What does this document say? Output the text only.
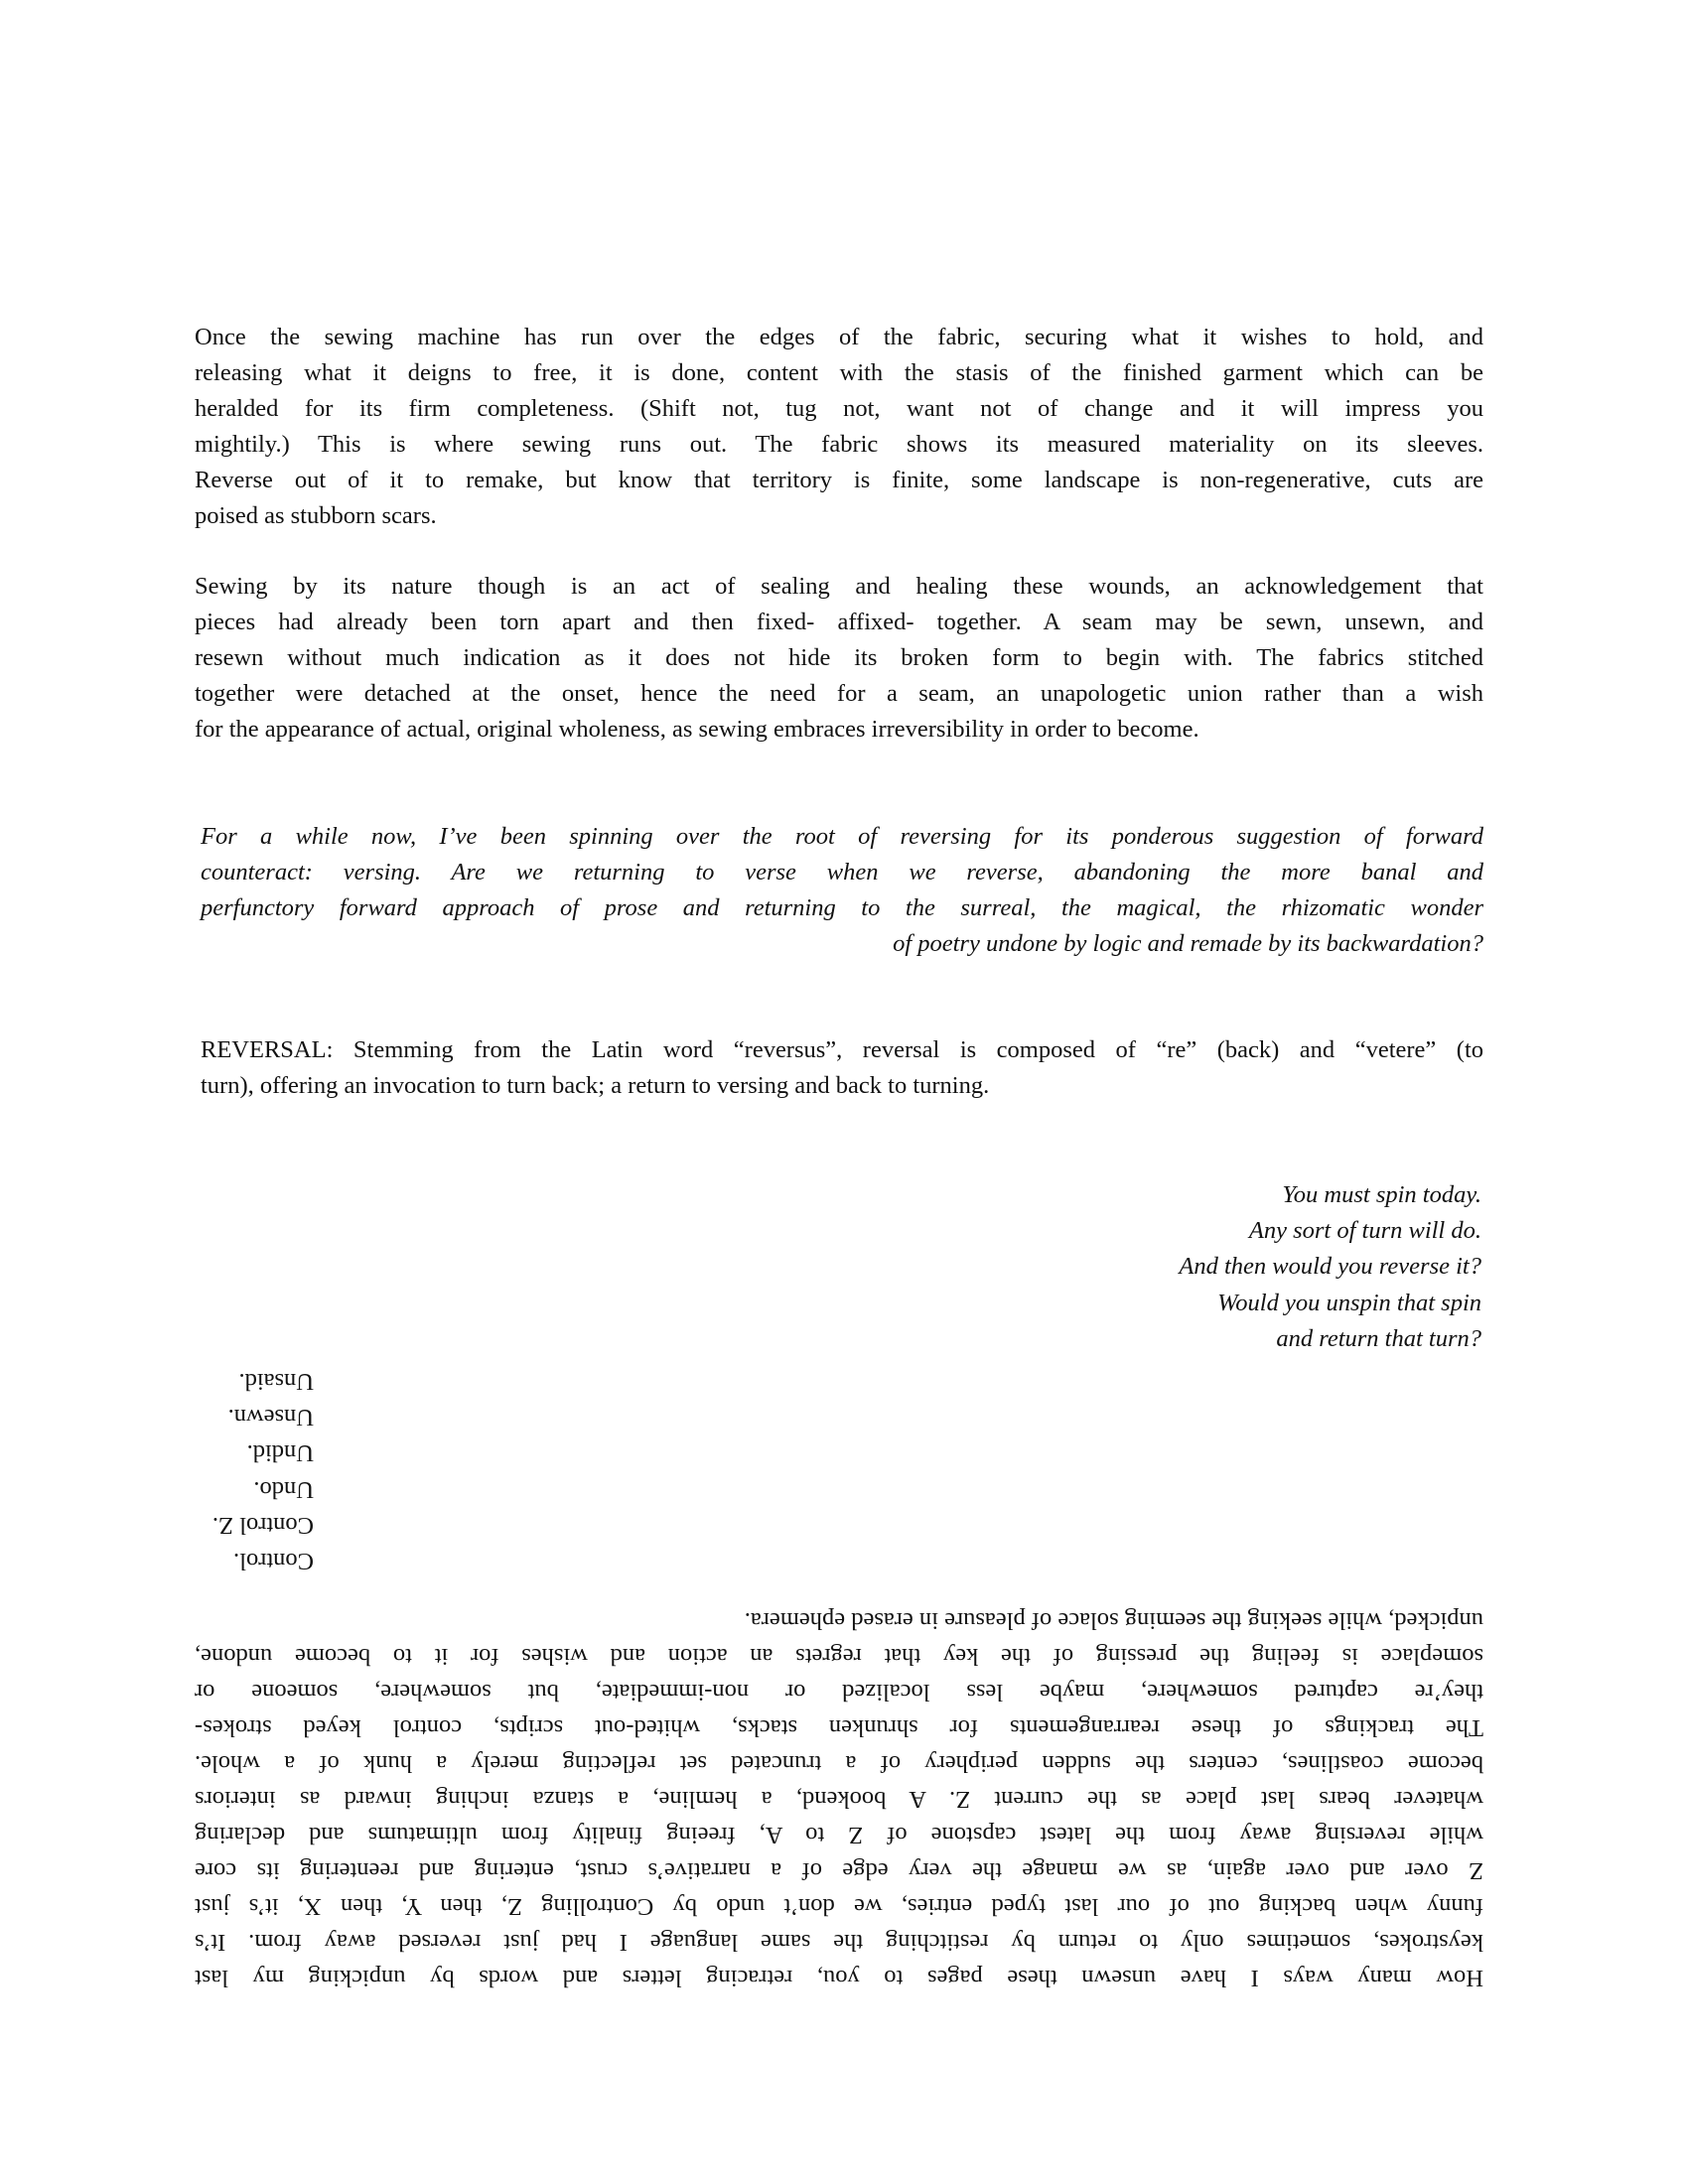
Once the sewing machine has run over the edges of the fabric, securing what it wishes to hold, and
releasing what it deigns to free, it is done, content with the stasis of the finished garment which can be
heralded for its firm completeness. (Shift not, tug not, want not of change and it will impress you
mightily.) This is where sewing runs out. The fabric shows its measured materiality on its sleeves.
Reverse out of it to remake, but know that territory is finite, some landscape is non-regenerative, cuts are
poised as stubborn scars.

Sewing by its nature though is an act of sealing and healing these wounds, an acknowledgement that
pieces had already been torn apart and then fixed- affixed- together. A seam may be sewn, unsewn, and
resewn without much indication as it does not hide its broken form to begin with. The fabrics stitched
together were detached at the onset, hence the need for a seam, an unapologetic union rather than a wish
for the appearance of actual, original wholeness, as sewing embraces irreversibility in order to become.

For a while now, I’ve been spinning over the root of reversing for its ponderous suggestion of forward
counteract: versing. Are we returning to verse when we reverse, abandoning the more banal and
perfunctory forward approach of prose and returning to the surreal, the magical, the rhizomatic wonder
of poetry undone by logic and remade by its backwardation?

REVERSAL: Stemming from the Latin word “reversus”, reversal is composed of “re” (back) and “vetere” (to
turn), offering an invocation to turn back; a return to versing and back to turning.

You must spin today.
Any sort of turn will do.
And then would you reverse it?
Would you unspin that spin
and return that turn?

How many ways I have unsewn these pages to you, retracing letters and words by unpicking my last
keystrokes, sometimes only to return by restitching the same language I had just reversed away from. It’s
funny when backing out of our last typed entries, we don’t undo by Controlling Z, then Y, then X, it’s just
Z over and over again, as we manage the very edge of a narrative’s crust, entering and reentering its core
while reversing away from the latest capstone of Z to A, freeing finality from ultimatums and declaring
whatever bears last place as the current Z. A bookend, a hemline, a stanza inching inward as interiors
become coastlines, centers the sudden periphery of a truncated set reflecting merely a hunk of a whole.
The trackings of these rearrangements for shrunken stacks, whited-out scripts, control keyed strokes-
they’re captured somewhere, maybe less localized or non-immediate, but somewhere, someone or
someplace is feeling the pressing of the key that regrets an action and wishes for it to become undone,
unpicked, while seeking the seeming solace of pleasure in erased ephemera.

Control.
Control Z.
Undo.
Undid.
Unsewn.
Unsaid.
